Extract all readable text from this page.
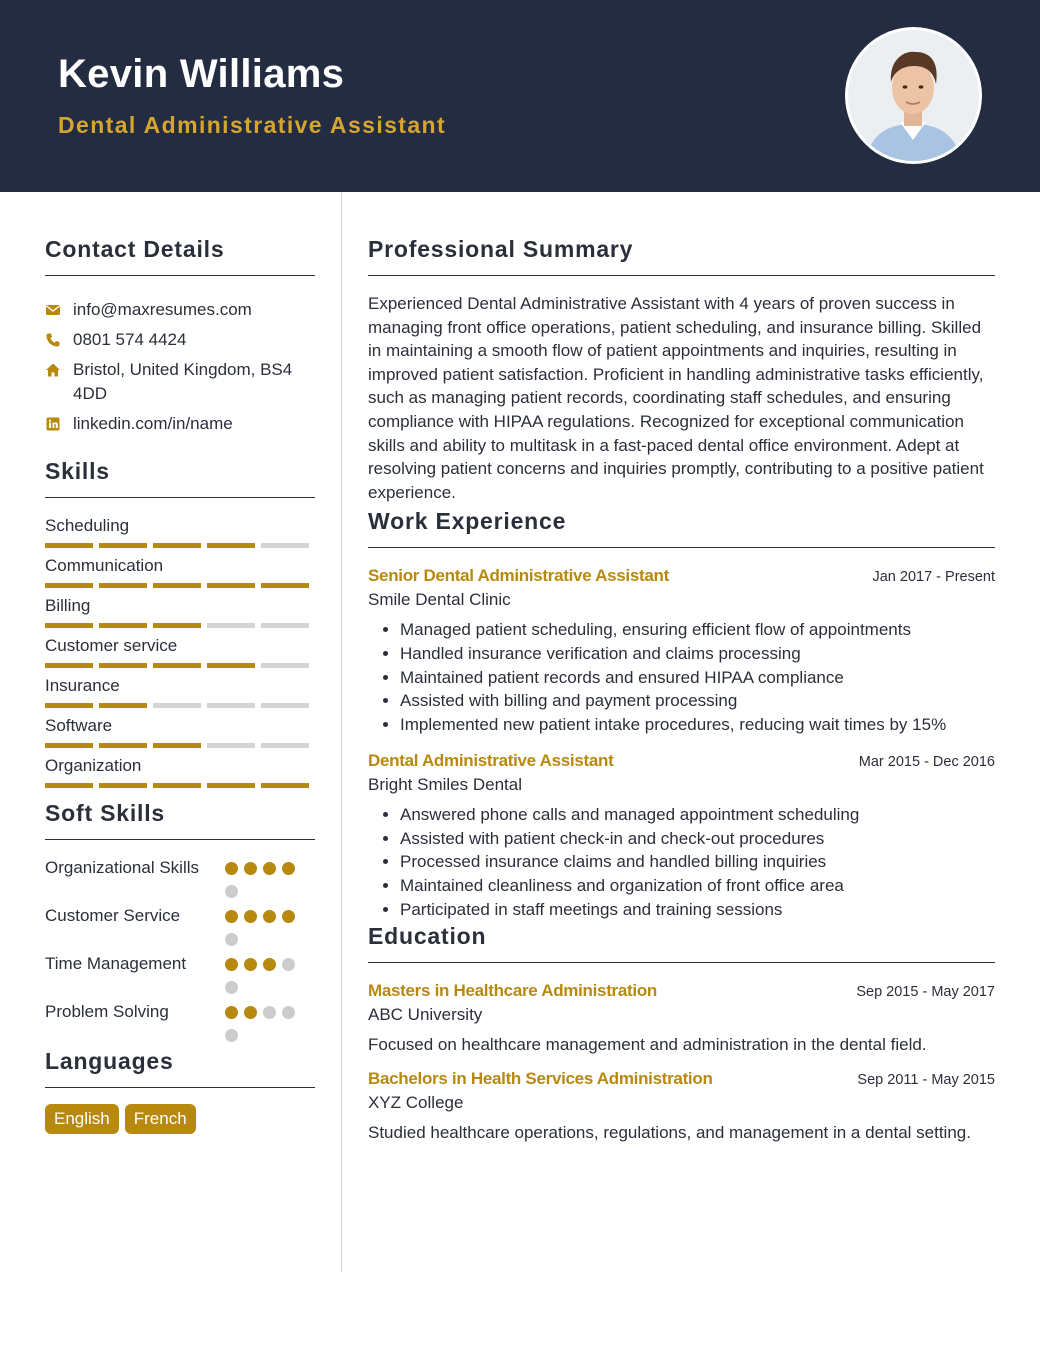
Kevin Williams
Dental Administrative Assistant
Contact Details
info@maxresumes.com
0801 574 4424
Bristol, United Kingdom, BS4 4DD
linkedin.com/in/name
Skills
Scheduling
Communication
Billing
Customer service
Insurance
Software
Organization
Soft Skills
Organizational Skills
Customer Service
Time Management
Problem Solving
Languages
English	French
Professional Summary
Experienced Dental Administrative Assistant with 4 years of proven success in managing front office operations, patient scheduling, and insurance billing. Skilled in maintaining a smooth flow of patient appointments and inquiries, resulting in improved patient satisfaction. Proficient in handling administrative tasks efficiently, such as managing patient records, coordinating staff schedules, and ensuring compliance with HIPAA regulations. Recognized for exceptional communication skills and ability to multitask in a fast-paced dental office environment. Adept at resolving patient concerns and inquiries promptly, contributing to a positive patient experience.
Work Experience
Senior Dental Administrative Assistant	Jan 2017 - Present
Smile Dental Clinic
• Managed patient scheduling, ensuring efficient flow of appointments
• Handled insurance verification and claims processing
• Maintained patient records and ensured HIPAA compliance
• Assisted with billing and payment processing
• Implemented new patient intake procedures, reducing wait times by 15%
Dental Administrative Assistant	Mar 2015 - Dec 2016
Bright Smiles Dental
• Answered phone calls and managed appointment scheduling
• Assisted with patient check-in and check-out procedures
• Processed insurance claims and handled billing inquiries
• Maintained cleanliness and organization of front office area
• Participated in staff meetings and training sessions
Education
Masters in Healthcare Administration	Sep 2015 - May 2017
ABC University
Focused on healthcare management and administration in the dental field.
Bachelors in Health Services Administration	Sep 2011 - May 2015
XYZ College
Studied healthcare operations, regulations, and management in a dental setting.
